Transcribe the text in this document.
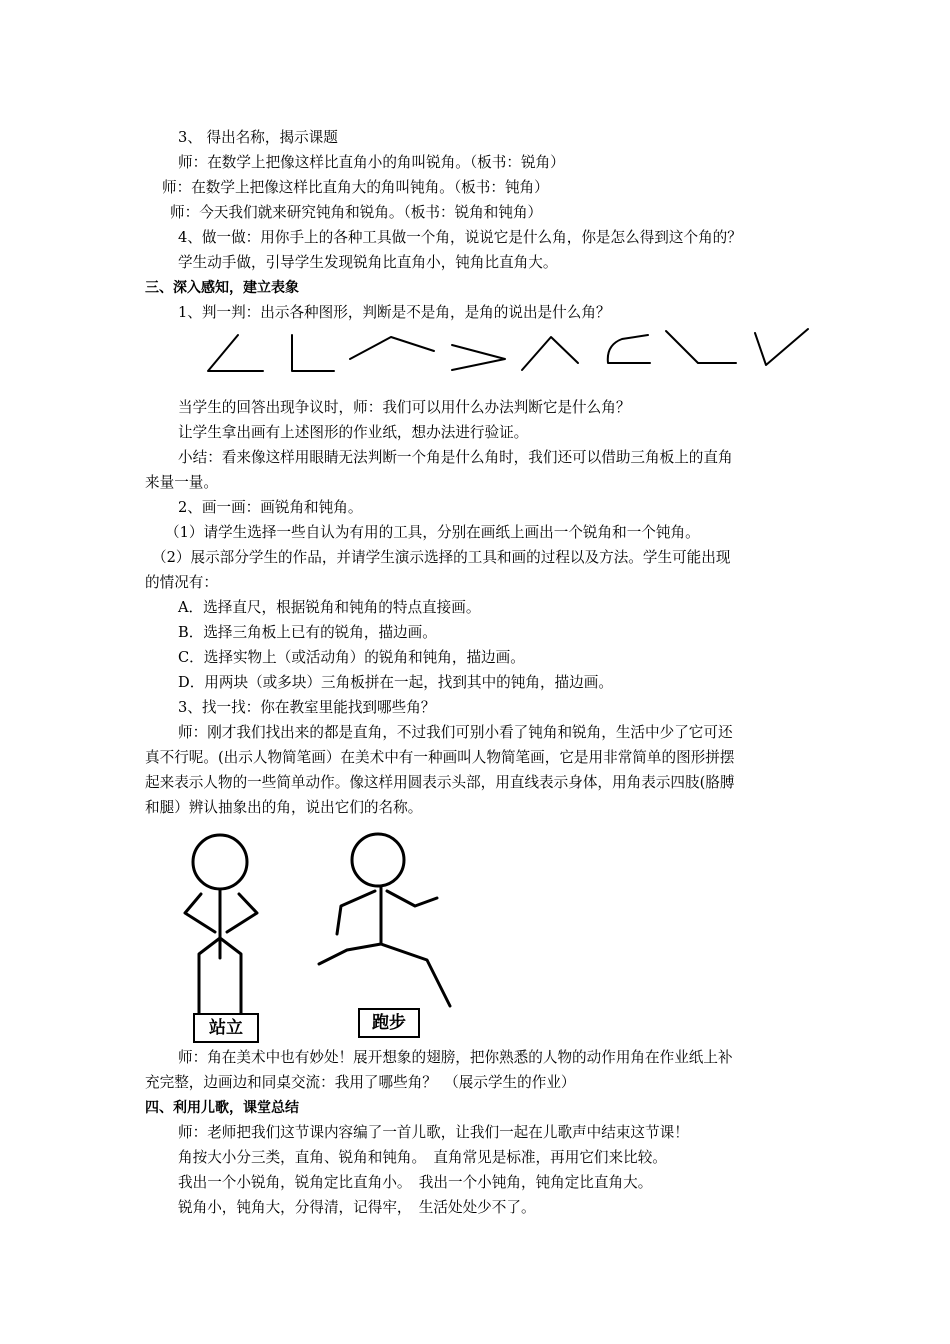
3、 得出名称，揭示课题
师：在数学上把像这样比直角小的角叫锐角。（板书：锐角）
师：在数学上把像这样比直角大的角叫钝角。（板书：钝角）
师：今天我们就来研究钝角和锐角。（板书：锐角和钝角）
4、做一做：用你手上的各种工具做一个角，说说它是什么角，你是怎么得到这个角的？
学生动手做，引导学生发现锐角比直角小，钝角比直角大。
三、深入感知，建立表象
1、判一判：出示各种图形，判断是不是角，是角的说出是什么角？
当学生的回答出现争议时，师：我们可以用什么办法判断它是什么角？
让学生拿出画有上述图形的作业纸，想办法进行验证。
小结：看来像这样用眼睛无法判断一个角是什么角时，我们还可以借助三角板上的直角
来量一量。
2、画一画：画锐角和钝角。
（1）请学生选择一些自认为有用的工具，分别在画纸上画出一个锐角和一个钝角。
（2）展示部分学生的作品，并请学生演示选择的工具和画的过程以及方法。学生可能出现
的情况有：
A．选择直尺，根据锐角和钝角的特点直接画。
B．选择三角板上已有的锐角，描边画。
C．选择实物上（或活动角）的锐角和钝角，描边画。
D．用两块（或多块）三角板拼在一起，找到其中的钝角，描边画。
3、找一找：你在教室里能找到哪些角？
师：刚才我们找出来的都是直角，不过我们可别小看了钝角和锐角，生活中少了它可还
真不行呢。(出示人物简笔画）在美术中有一种画叫人物简笔画，它是用非常简单的图形拼摆
起来表示人物的一些简单动作。像这样用圆表示头部，用直线表示身体，用角表示四肢(胳膊
和腿）辨认抽象出的角，说出它们的名称。
站立	跑步
师：角在美术中也有妙处！展开想象的翅膀，把你熟悉的人物的动作用角在作业纸上补
充完整，边画边和同桌交流：我用了哪些角？　（展示学生的作业）
四、利用儿歌，课堂总结
师：老师把我们这节课内容编了一首儿歌，让我们一起在儿歌声中结束这节课！
角按大小分三类，直角、锐角和钝角。　直角常见是标准，再用它们来比较。
我出一个小锐角，锐角定比直角小。　我出一个小钝角，钝角定比直角大。
锐角小，钝角大，分得清，记得牢，　生活处处少不了。
